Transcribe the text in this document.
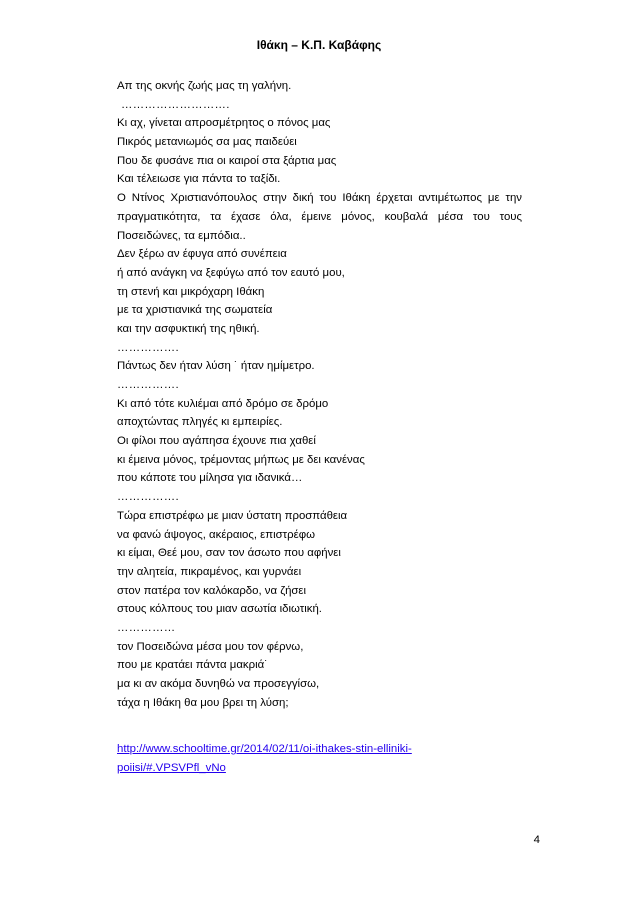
Ιθάκη – Κ.Π. Καβάφης
Απ της οκνής ζωής μας τη γαλήνη.
……………………….
Κι αχ, γίνεται απροσμέτρητος ο πόνος μας
Πικρός μετανιωμός σα μας παιδεύει
Που δε φυσάνε πια οι καιροί στα ξάρτια μας
Και τέλειωσε για πάντα το ταξίδι.
Ο Ντίνος Χριστιανόπουλος στην δική του Ιθάκη έρχεται αντιμέτωπος με την
πραγματικότητα, τα έχασε όλα, έμεινε μόνος, κουβαλά μέσα του τους
Ποσειδώνες, τα εμπόδια..
Δεν ξέρω αν έφυγα από συνέπεια
ή από ανάγκη να ξεφύγω από τον εαυτό μου,
τη στενή και μικρόχαρη Ιθάκη
με τα χριστιανικά της σωματεία
και την ασφυκτική της ηθική.
…………….
Πάντως δεν ήταν λύση ˙ ήταν ημίμετρο.
…………….
Κι από τότε κυλιέμαι από δρόμο σε δρόμο
αποχτώντας πληγές κι εμπειρίες.
Οι φίλοι που αγάπησα έχουνε πια χαθεί
κι έμεινα μόνος, τρέμοντας μήπως με δει κανένας
που κάποτε του μίλησα για ιδανικά…
…………….
Τώρα επιστρέφω με μιαν ύστατη προσπάθεια
να φανώ άψογος, ακέραιος, επιστρέφω
κι είμαι, Θεέ μου, σαν τον άσωτο που αφήνει
την αλητεία, πικραμένος, και γυρνάει
στον πατέρα τον καλόκαρδο, να ζήσει
στους κόλπους του μιαν ασωτία ιδιωτική.
……………
τον Ποσειδώνα μέσα μου τον φέρνω,
που με κρατάει πάντα μακριά˙
μα κι αν ακόμα δυνηθώ να προσεγγίσω,
τάχα η Ιθάκη θα μου βρει τη λύση;
http://www.schooltime.gr/2014/02/11/oi-ithakes-stin-elliniki-
poiisi/#.VPSVPfl_vNo
4
